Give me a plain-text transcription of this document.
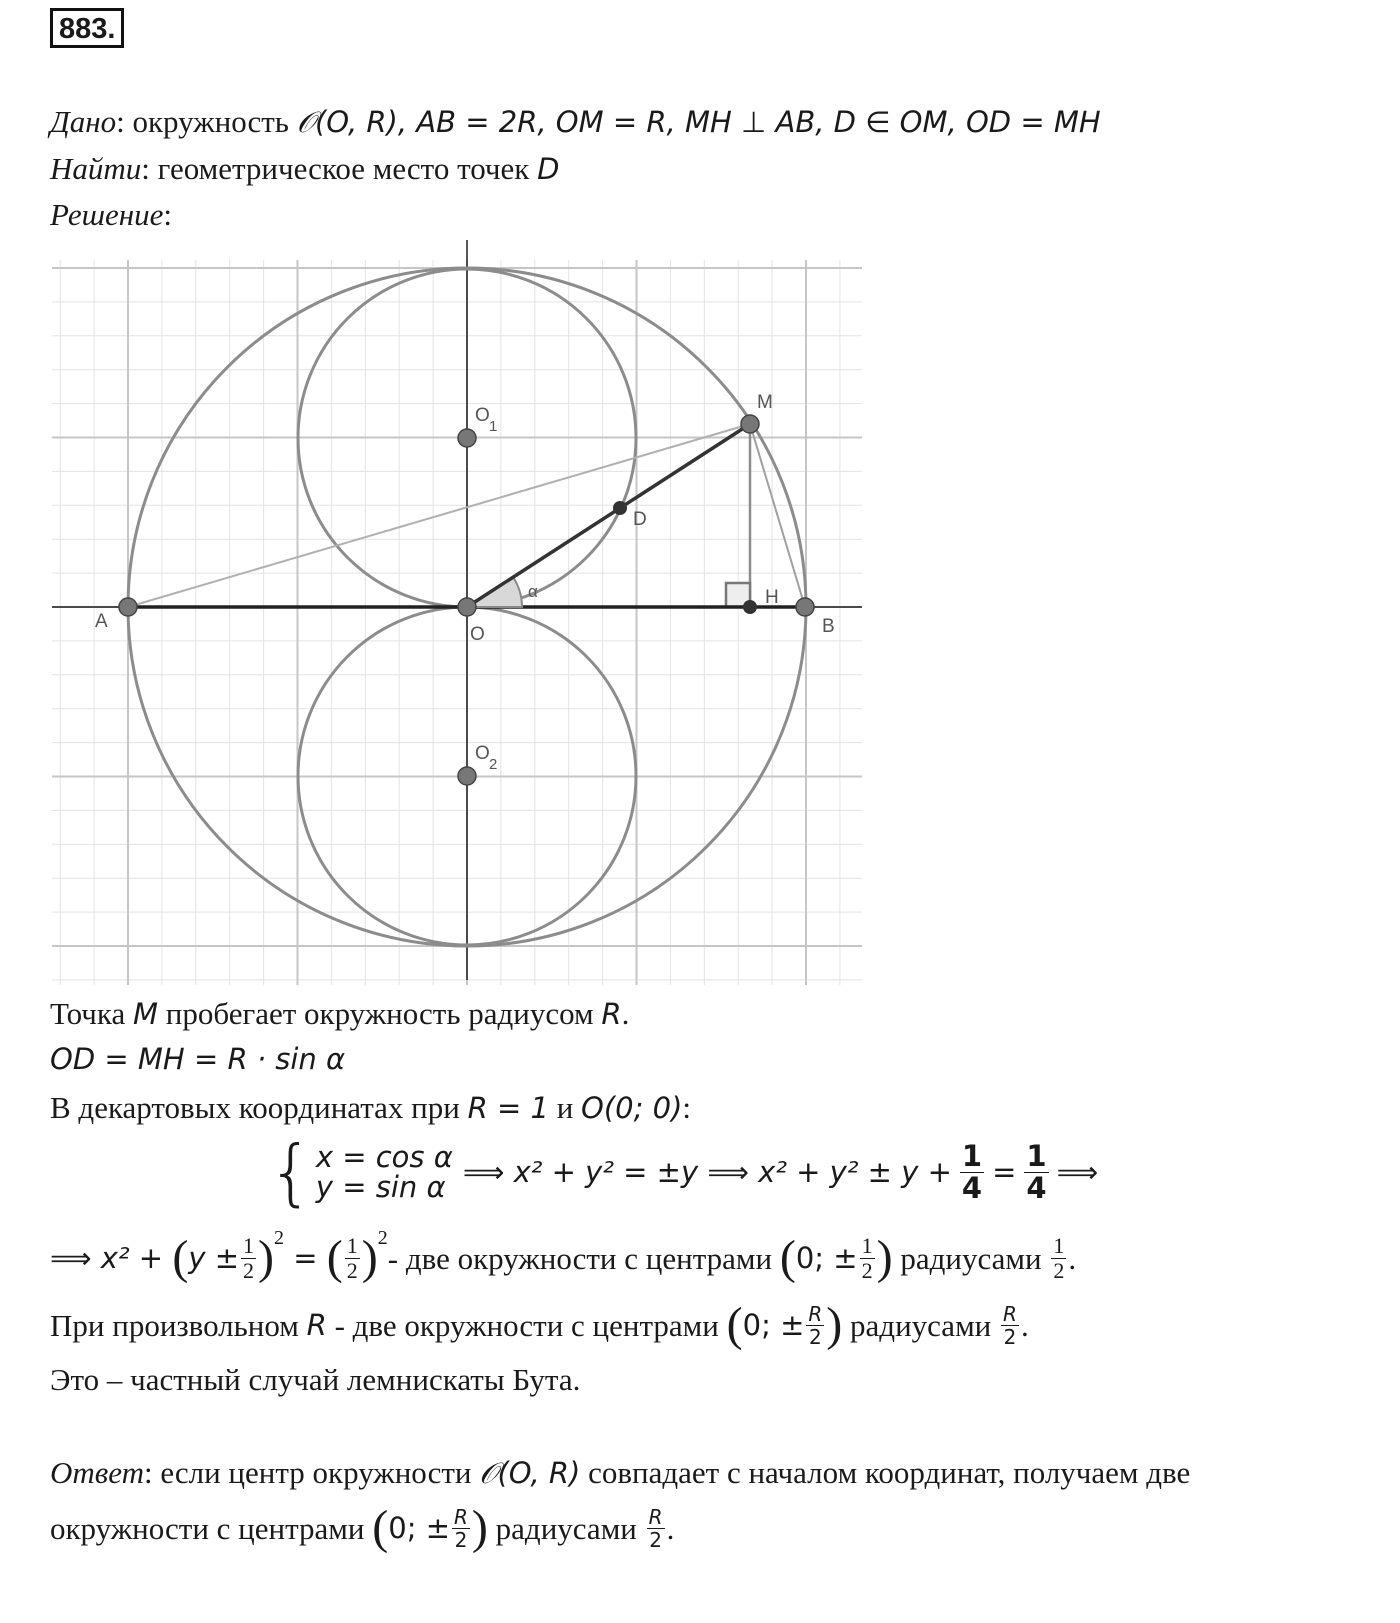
883.
Дано: окружность 𝒪(O, R), AB = 2R, OM = R, MH ⊥ AB, D ∈ OM, OD = MH
Найти: геометрическое место точек D
Решение:
A	B
O
M
D
H
O
1
O
2
α
Точка M пробегает окружность радиусом R.
OD = MH = R · sin α
В декартовых координатах при R = 1 и O(0; 0):
{ x = cos α
y = sin α ⟹ x² + y² = ±y ⟹ $x^2 + y^2 \pm y + \frac{1}{4} = \frac{1}{4}$ ⟹
⟹ x² + ( $y \pm \frac{1}{2}$ ) 2
= ( $\frac{1}{2}$ ) 2
- две окружности с центрами ( 0; ± $\frac{1}{2}$ ) радиусами $\frac{1}{2}$ .
При произвольном R - две окружности с центрами ( 0; ± $\frac{R}{2}$ ) радиусами $\frac{R}{2}$ .
Это – частный случай лемнискаты Бута.
Ответ: если центр окружности 𝒪(O, R) совпадает с началом координат, получаем две
окружности с центрами ( 0; ± $\frac{R}{2}$ ) радиусами $\frac{R}{2}$ .
